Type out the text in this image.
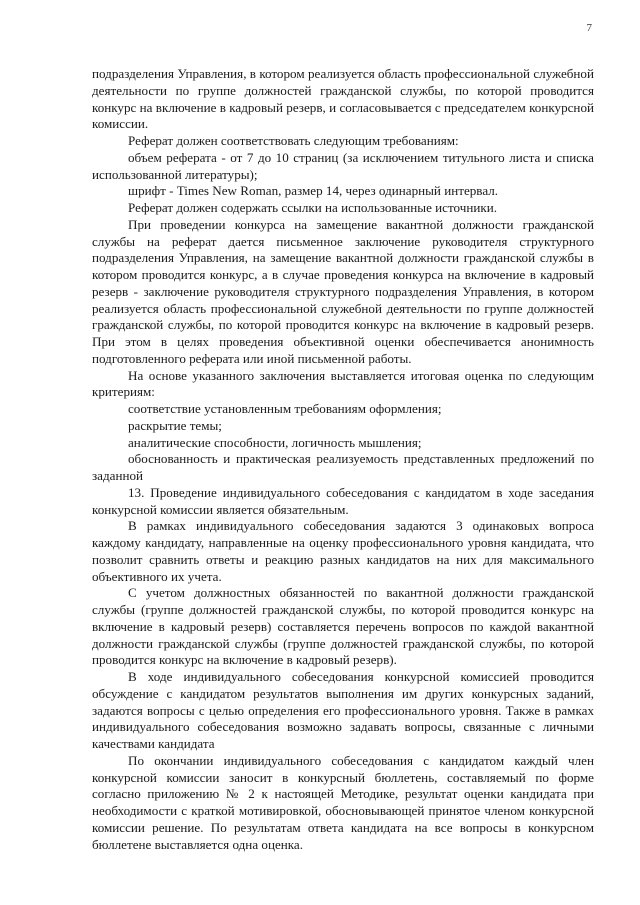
7

подразделения Управления, в котором реализуется область профессиональной служебной деятельности по группе должностей гражданской службы, по которой проводится конкурс на включение в кадровый резерв, и согласовывается с председателем конкурсной комиссии.

Реферат должен соответствовать следующим требованиям:

объем реферата - от 7 до 10 страниц (за исключением титульного листа и списка использованной литературы);

шрифт - Times New Roman, размер 14, через одинарный интервал.

Реферат должен содержать ссылки на использованные источники.

При проведении конкурса на замещение вакантной должности гражданской службы на реферат дается письменное заключение руководителя структурного подразделения Управления, на замещение вакантной должности гражданской службы в котором проводится конкурс, а в случае проведения конкурса на включение в кадровый резерв - заключение руководителя структурного подразделения Управления, в котором реализуется область профессиональной служебной деятельности по группе должностей гражданской службы, по которой проводится конкурс на включение в кадровый резерв. При этом в целях проведения объективной оценки обеспечивается анонимность подготовленного реферата или иной письменной работы.

На основе указанного заключения выставляется итоговая оценка по следующим критериям:

соответствие установленным требованиям оформления;

раскрытие темы;

аналитические способности, логичность мышления;

обоснованность и практическая реализуемость представленных предложений по заданной

13. Проведение индивидуального собеседования с кандидатом в ходе заседания конкурсной комиссии является обязательным.

В рамках индивидуального собеседования задаются 3 одинаковых вопроса каждому кандидату, направленные на оценку профессионального уровня кандидата, что позволит сравнить ответы и реакцию разных кандидатов на них для максимального объективного их учета.

С учетом должностных обязанностей по вакантной должности гражданской службы (группе должностей гражданской службы, по которой проводится конкурс на включение в кадровый резерв) составляется перечень вопросов по каждой вакантной должности гражданской службы (группе должностей гражданской службы, по которой проводится конкурс на включение в кадровый резерв).

В ходе индивидуального собеседования конкурсной комиссией проводится обсуждение с кандидатом результатов выполнения им других конкурсных заданий, задаются вопросы с целью определения его профессионального уровня. Также в рамках индивидуального собеседования возможно задавать вопросы, связанные с личными качествами кандидата

По окончании индивидуального собеседования с кандидатом каждый член конкурсной комиссии заносит в конкурсный бюллетень, составляемый по форме согласно приложению № 2 к настоящей Методике, результат оценки кандидата при необходимости с краткой мотивировкой, обосновывающей принятое членом конкурсной комиссии решение. По результатам ответа кандидата на все вопросы в конкурсном бюллетене выставляется одна оценка.
